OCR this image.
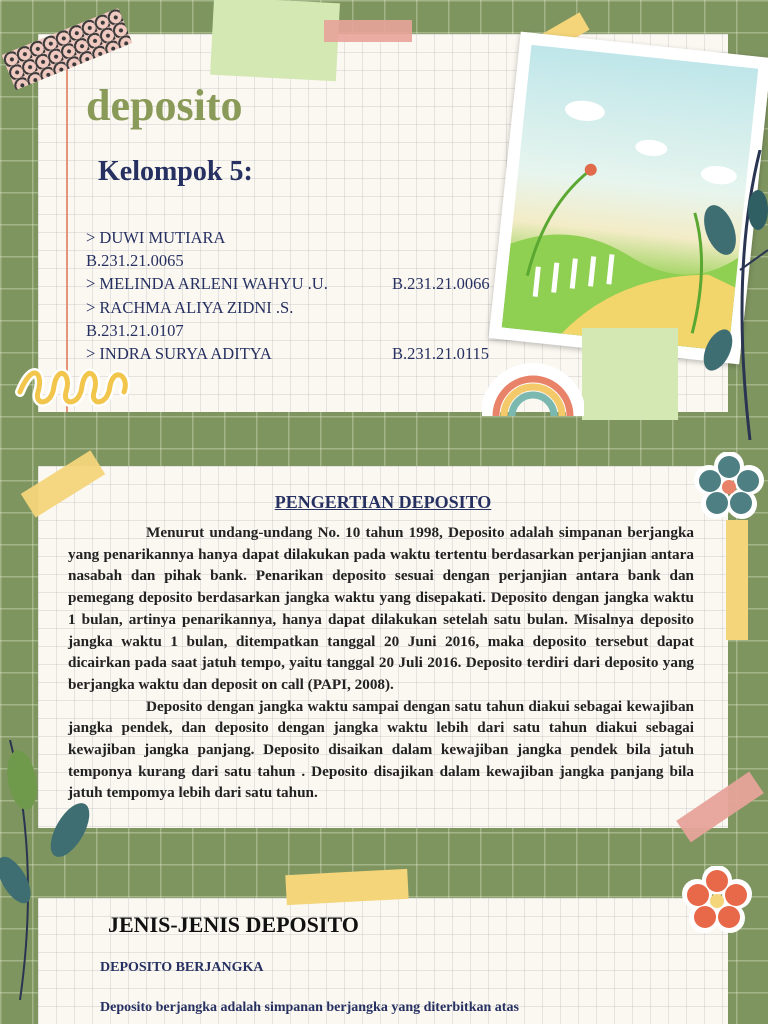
deposito
Kelompok 5:
> DUWI MUTIARA
B.231.21.0065
> MELINDA ARLENI WAHYU .U.	B.231.21.0066
> RACHMA ALIYA ZIDNI .S.
B.231.21.0107
> INDRA SURYA ADITYA	B.231.21.0115
PENGERTIAN DEPOSITO

Menurut undang-undang No. 10 tahun 1998, Deposito adalah simpanan berjangka yang penarikannya hanya dapat dilakukan pada waktu tertentu berdasarkan perjanjian antara nasabah dan pihak bank. Penarikan deposito sesuai dengan perjanjian antara bank dan pemegang deposito berdasarkan jangka waktu yang disepakati. Deposito dengan jangka waktu 1 bulan, artinya penarikannya, hanya dapat dilakukan setelah satu bulan. Misalnya deposito jangka waktu 1 bulan, ditempatkan tanggal 20 Juni 2016, maka deposito tersebut dapat dicairkan pada saat jatuh tempo, yaitu tanggal 20 Juli 2016. Deposito terdiri dari deposito yang berjangka waktu dan deposit on call (PAPI, 2008).

Deposito dengan jangka waktu sampai dengan satu tahun diakui sebagai kewajiban jangka pendek, dan deposito dengan jangka waktu lebih dari satu tahun diakui sebagai kewajiban jangka panjang. Deposito disaikan dalam kewajiban jangka pendek bila jatuh temponya kurang dari satu tahun . Deposito disajikan dalam kewajiban jangka panjang bila jatuh tempomya lebih dari satu tahun.

JENIS-JENIS DEPOSITO
DEPOSITO BERJANGKA
Deposito berjangka adalah simpanan berjangka yang diterbitkan atas
